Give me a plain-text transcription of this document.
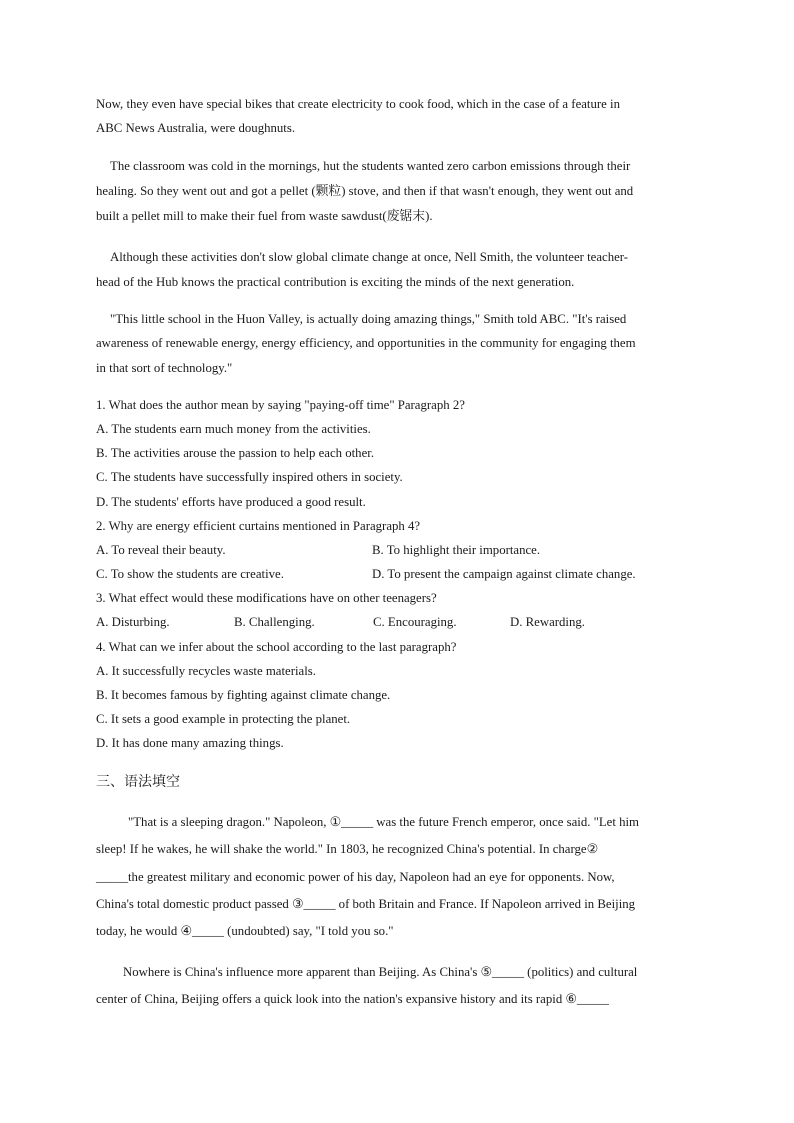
Now, they even have special bikes that create electricity to cook food, which in the case of a feature in
ABC News Australia, were doughnuts.
The classroom was cold in the mornings, hut the students wanted zero carbon emissions through their
healing. So they went out and got a pellet (颗粒) stove, and then if that wasn't enough, they went out and
built a pellet mill to make their fuel from waste sawdust(废锯末).
Although these activities don't slow global climate change at once, Nell Smith, the volunteer teacher-
head of the Hub knows the practical contribution is exciting the minds of the next generation.
"This little school in the Huon Valley, is actually doing amazing things," Smith told ABC. "It's raised
awareness of renewable energy, energy efficiency, and opportunities in the community for engaging them
in that sort of technology."
1. What does the author mean by saying "paying-off time" Paragraph 2?
A. The students earn much money from the activities.
B. The activities arouse the passion to help each other.
C. The students have successfully inspired others in society.
D. The students' efforts have produced a good result.
2. Why are energy efficient curtains mentioned in Paragraph 4?
A. To reveal their beauty.	B. To highlight their importance.
C. To show the students are creative.	D. To present the campaign against climate change.
3. What effect would these modifications have on other teenagers?
A. Disturbing.	B. Challenging.	C. Encouraging.	D. Rewarding.
4. What can we infer about the school according to the last paragraph?
A. It successfully recycles waste materials.
B. It becomes famous by fighting against climate change.
C. It sets a good example in protecting the planet.
D. It has done many amazing things.
三、语法填空
"That is a sleeping dragon." Napoleon, ①_____ was the future French emperor, once said. "Let him
sleep! If he wakes, he will shake the world." In 1803, he recognized China's potential. In charge②
_____the greatest military and economic power of his day, Napoleon had an eye for opponents. Now,
China's total domestic product passed ③_____ of both Britain and France. If Napoleon arrived in Beijing
today, he would ④_____ (undoubted) say, "I told you so."
Nowhere is China's influence more apparent than Beijing. As China's ⑤_____ (politics) and cultural
center of China, Beijing offers a quick look into the nation's expansive history and its rapid ⑥_____
